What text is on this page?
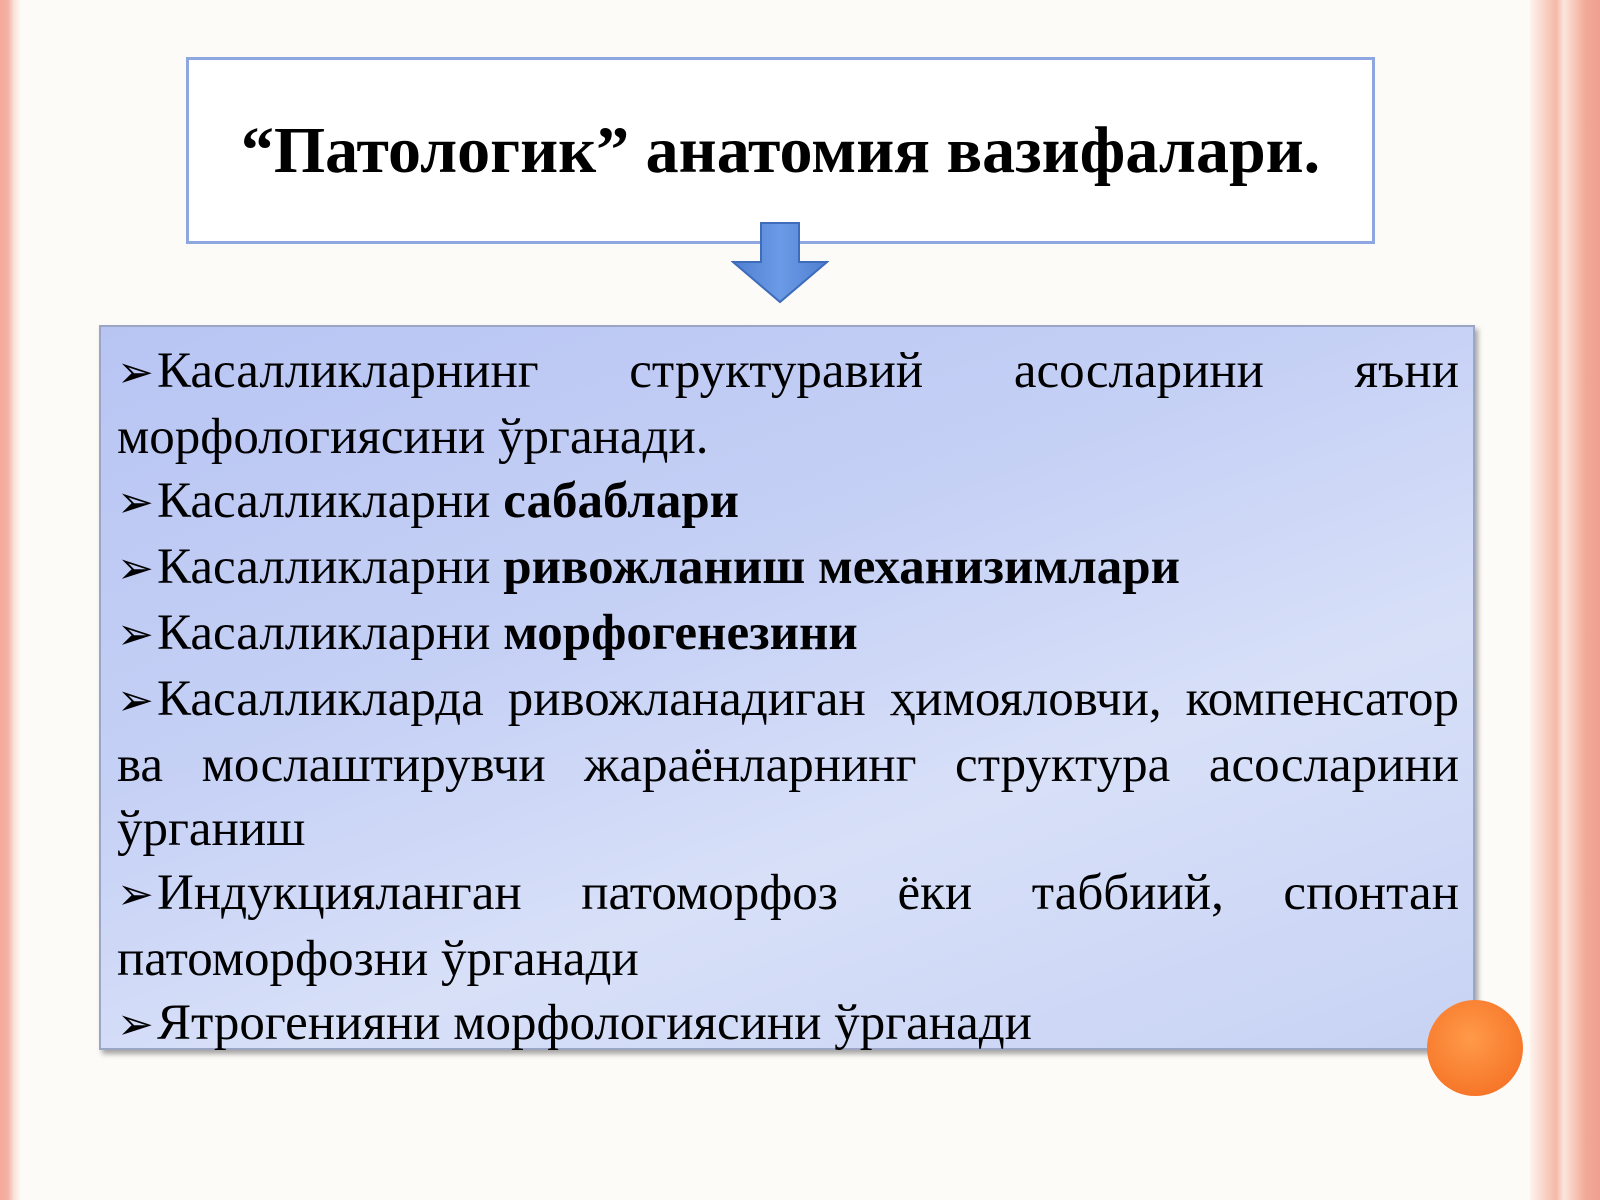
“Патологик” анатомия вазифалари.
➢Касалликларнинг структуравий асосларини яъни морфологиясини ўрганади.
➢Касалликларни сабаблари
➢Касалликларни ривожланиш механизимлари
➢Касалликларни морфогенезини
➢Касалликларда ривожланадиган ҳимояловчи, компенсатор ва мослаштирувчи жараёнларнинг структура асосларини ўрганиш
➢Индукцияланган патоморфоз ёки таббиий, спонтан патоморфозни ўрганади
➢Ятрогенияни морфологиясини ўрганади
